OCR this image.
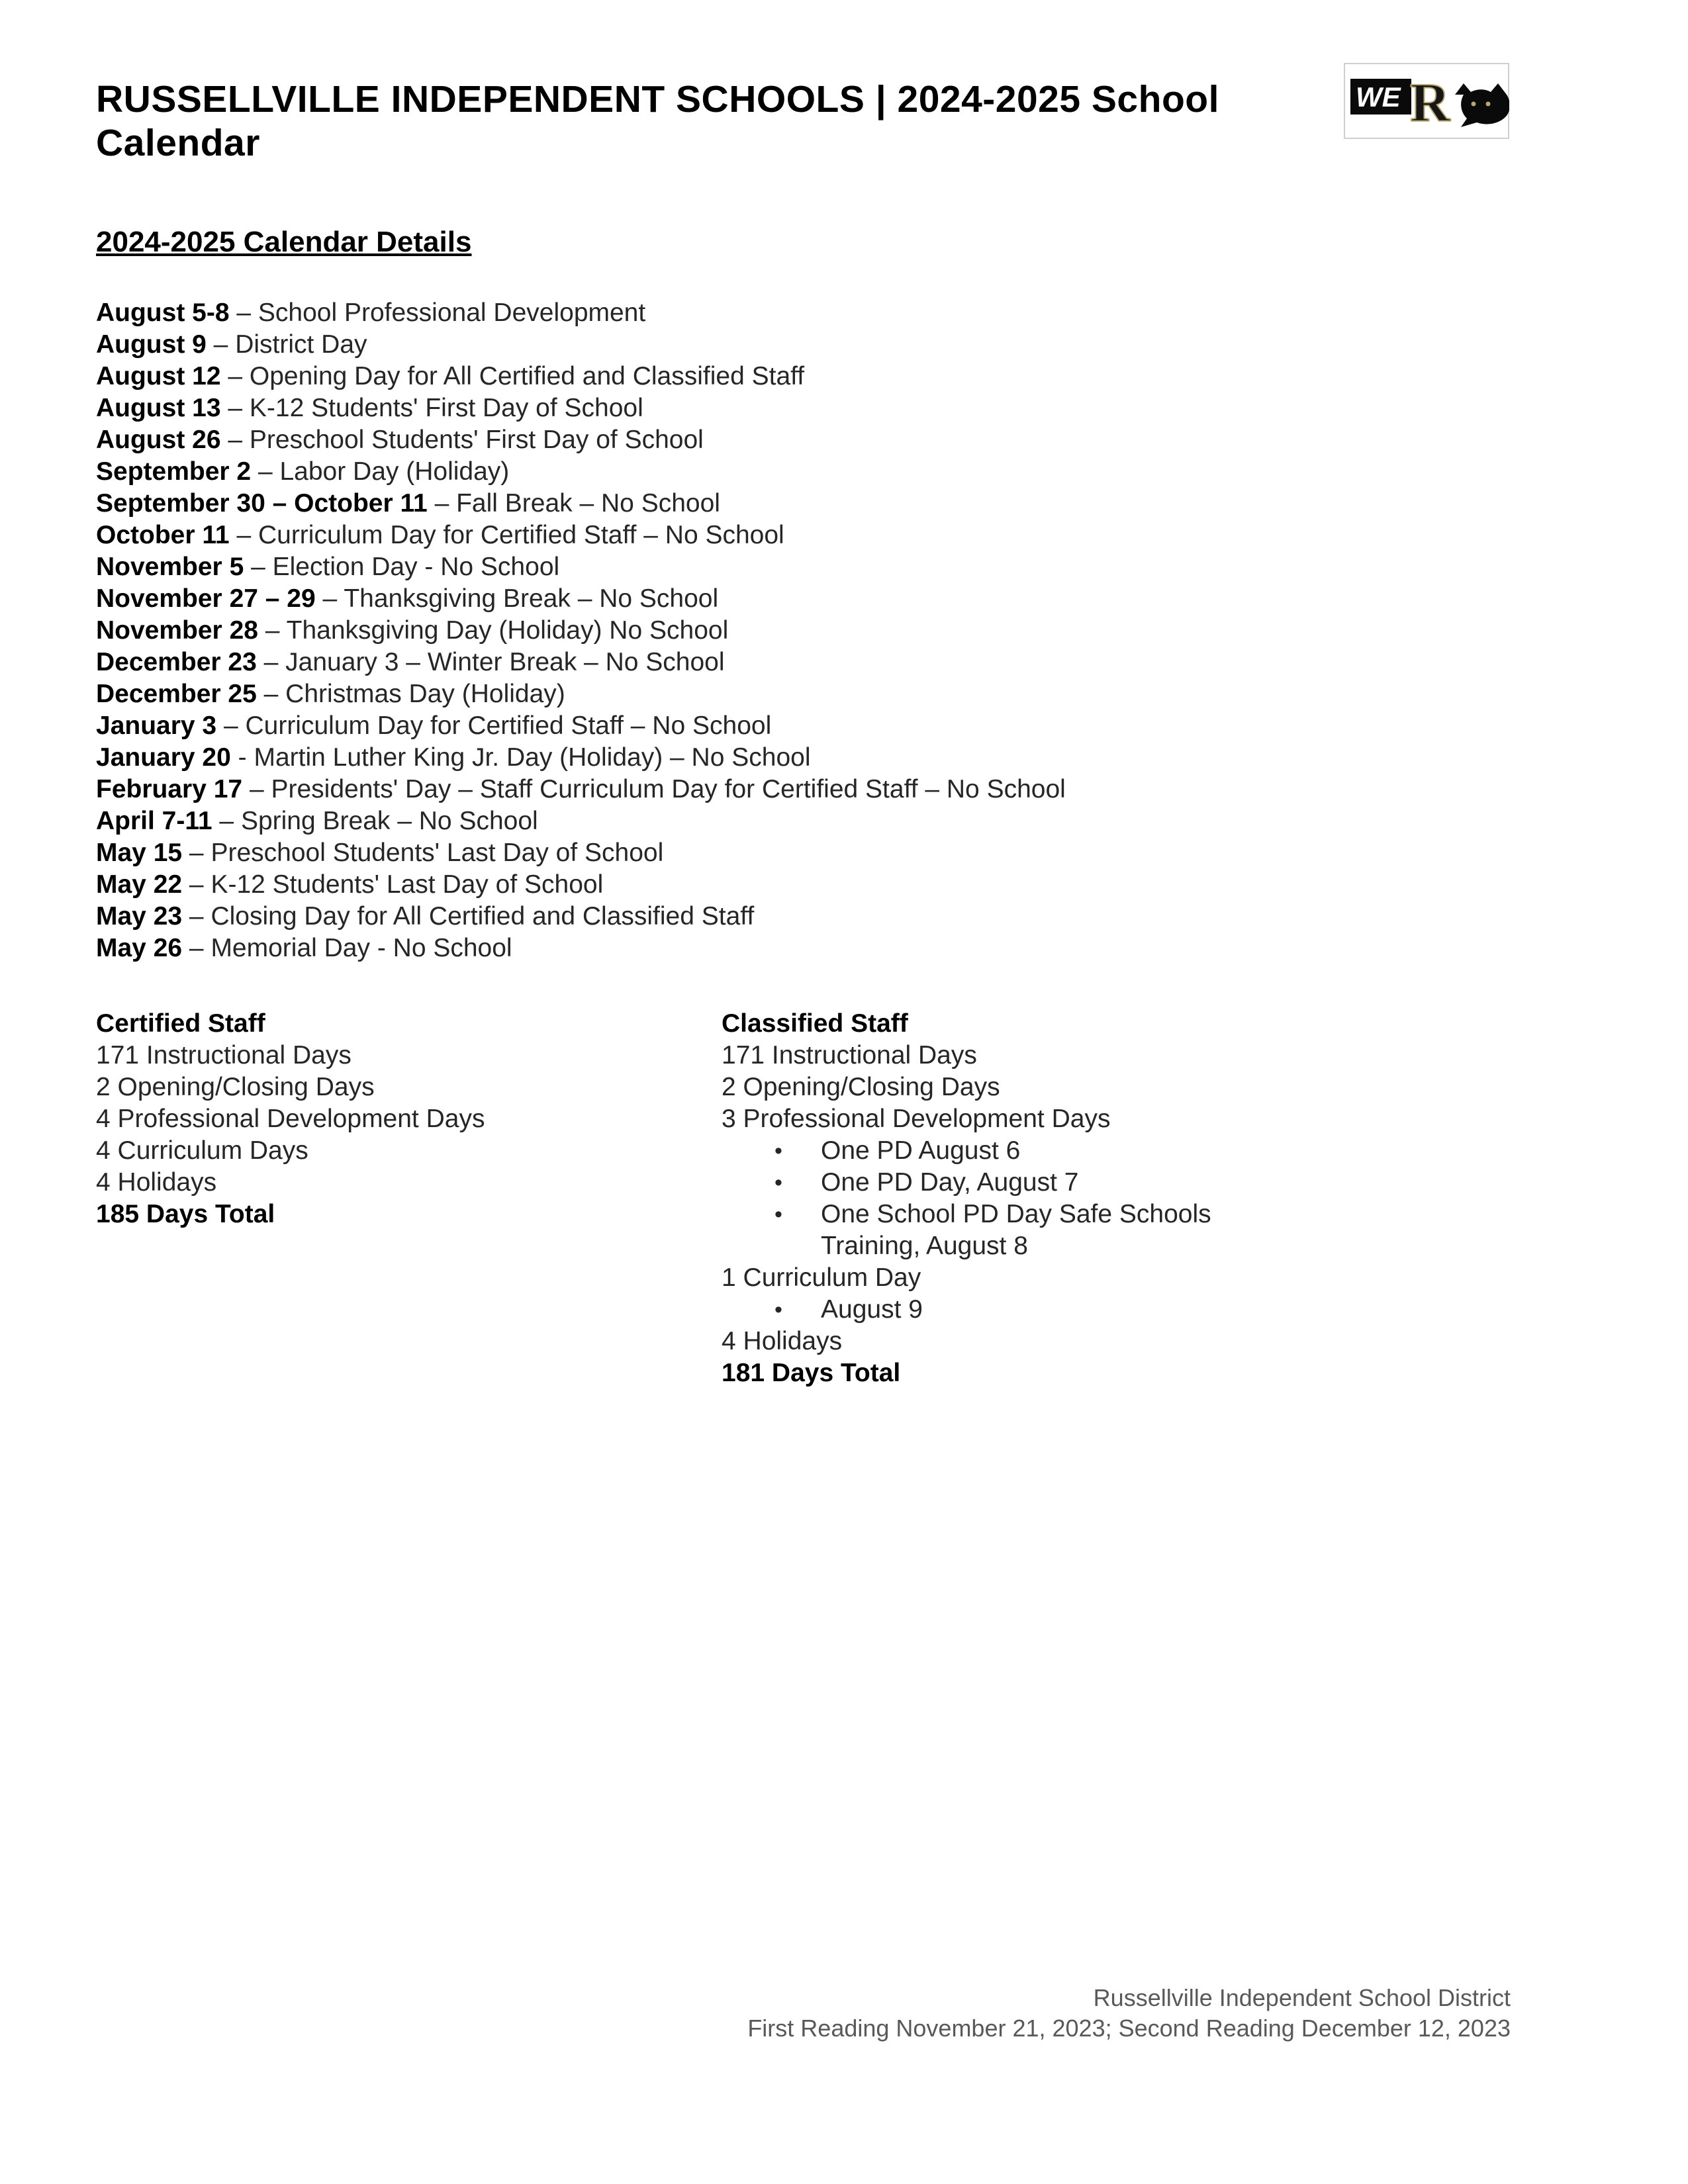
RUSSELLVILLE INDEPENDENT SCHOOLS | 2024-2025 School Calendar
WE R
2024-2025 Calendar Details
August 5-8 – School Professional Development
August 9 – District Day
August 12 – Opening Day for All Certified and Classified Staff
August 13 – K-12 Students' First Day of School
August 26 – Preschool Students' First Day of School
September 2 – Labor Day (Holiday)
September 30 – October 11 – Fall Break – No School
October 11 – Curriculum Day for Certified Staff – No School
November 5 – Election Day - No School
November 27 – 29 – Thanksgiving Break – No School
November 28 – Thanksgiving Day (Holiday) No School
December 23 – January 3 – Winter Break – No School
December 25 – Christmas Day (Holiday)
January 3 – Curriculum Day for Certified Staff – No School
January 20 - Martin Luther King Jr. Day (Holiday) – No School
February 17 – Presidents' Day – Staff Curriculum Day for Certified Staff – No School
April 7-11 – Spring Break – No School
May 15 – Preschool Students' Last Day of School
May 22 – K-12 Students' Last Day of School
May 23 – Closing Day for All Certified and Classified Staff
May 26 – Memorial Day - No School
Certified Staff
171 Instructional Days
2 Opening/Closing Days
4 Professional Development Days
4 Curriculum Days
4 Holidays
185 Days Total
Classified Staff
171 Instructional Days
2 Opening/Closing Days
3 Professional Development Days
•	One PD August 6
•	One PD Day, August 7
•	One School PD Day Safe Schools Training, August 8
1 Curriculum Day
•	August 9
4 Holidays
181 Days Total
Russellville Independent School District
First Reading November 21, 2023; Second Reading December 12, 2023
